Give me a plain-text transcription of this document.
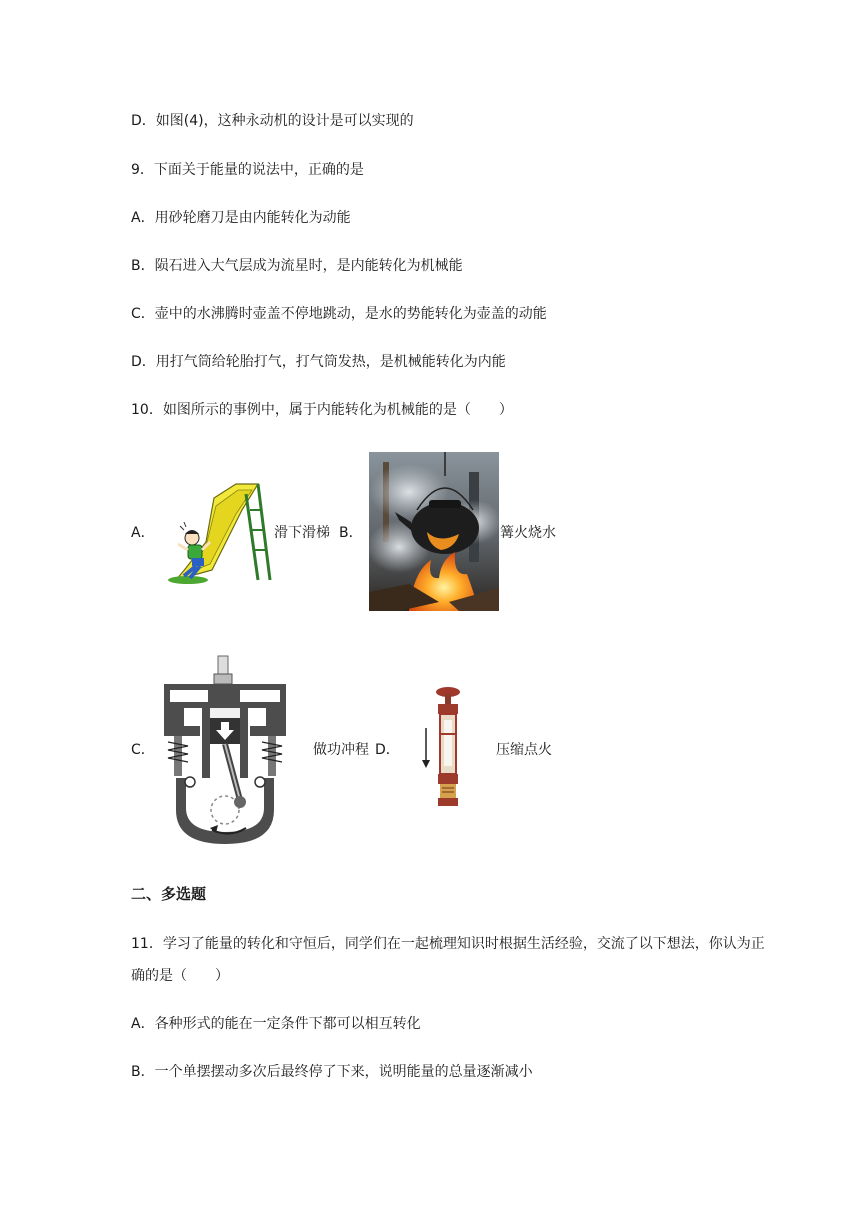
D．如图(4)，这种永动机的设计是可以实现的
9．下面关于能量的说法中，正确的是
A．用砂轮磨刀是由内能转化为动能
B．陨石进入大气层成为流星时，是内能转化为机械能
C．壶中的水沸腾时壶盖不停地跳动，是水的势能转化为壶盖的动能
D．用打气筒给轮胎打气，打气筒发热，是机械能转化为内能
10．如图所示的事例中，属于内能转化为机械能的是（　　）
A．	滑下滑梯 B．	篝火烧水
C．	做功冲程 D．	压缩点火
二、多选题
11．学习了能量的转化和守恒后，同学们在一起梳理知识时根据生活经验，交流了以下想法，你认为正
确的是（　　）
A．各种形式的能在一定条件下都可以相互转化
B．一个单摆摆动多次后最终停了下来，说明能量的总量逐渐减小
